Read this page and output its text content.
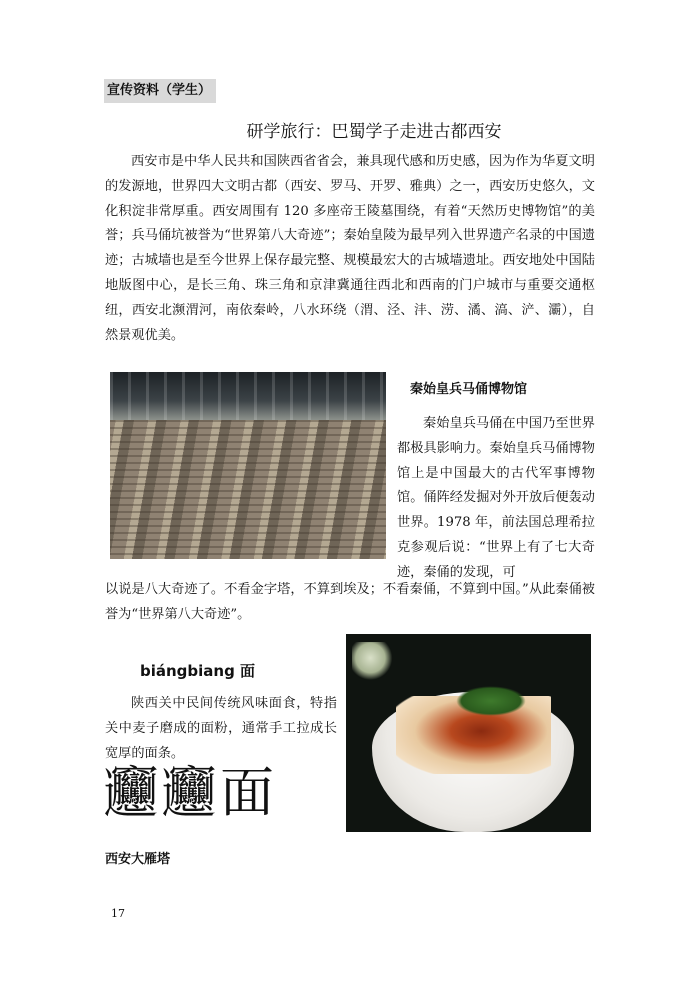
宣传资料（学生）
研学旅行：巴蜀学子走进古都西安

西安市是中华人民共和国陕西省省会，兼具现代感和历史感，因为作为华夏文明的发源地，世界四大文明古都（西安、罗马、开罗、雅典）之一，西安历史悠久，文化积淀非常厚重。西安周围有 120 多座帝王陵墓围绕，有着“天然历史博物馆”的美誉；兵马俑坑被誉为“世界第八大奇迹”；秦始皇陵为最早列入世界遗产名录的中国遗迹；古城墙也是至今世界上保存最完整、规模最宏大的古城墙遗址。西安地处中国陆地版图中心，是长三角、珠三角和京津冀通往西北和西南的门户城市与重要交通枢纽，西安北濒渭河，南依秦岭，八水环绕（渭、泾、沣、涝、潏、滈、浐、灞），自然景观优美。

秦始皇兵马俑博物馆

秦始皇兵马俑在中国乃至世界都极具影响力。秦始皇兵马俑博物馆上是中国最大的古代军事博物馆。俑阵经发掘对外开放后便轰动世界。1978 年，前法国总理希拉克参观后说：“世界上有了七大奇迹，秦俑的发现，可

以说是八大奇迹了。不看金字塔，不算到埃及；不看秦俑，不算到中国。”从此秦俑被誉为“世界第八大奇迹”。

biángbiang 面

陕西关中民间传统风味面食，特指关中麦子磨成的面粉，通常手工拉成长宽厚的面条。

𰻞𰻞面
西安大雁塔
17
